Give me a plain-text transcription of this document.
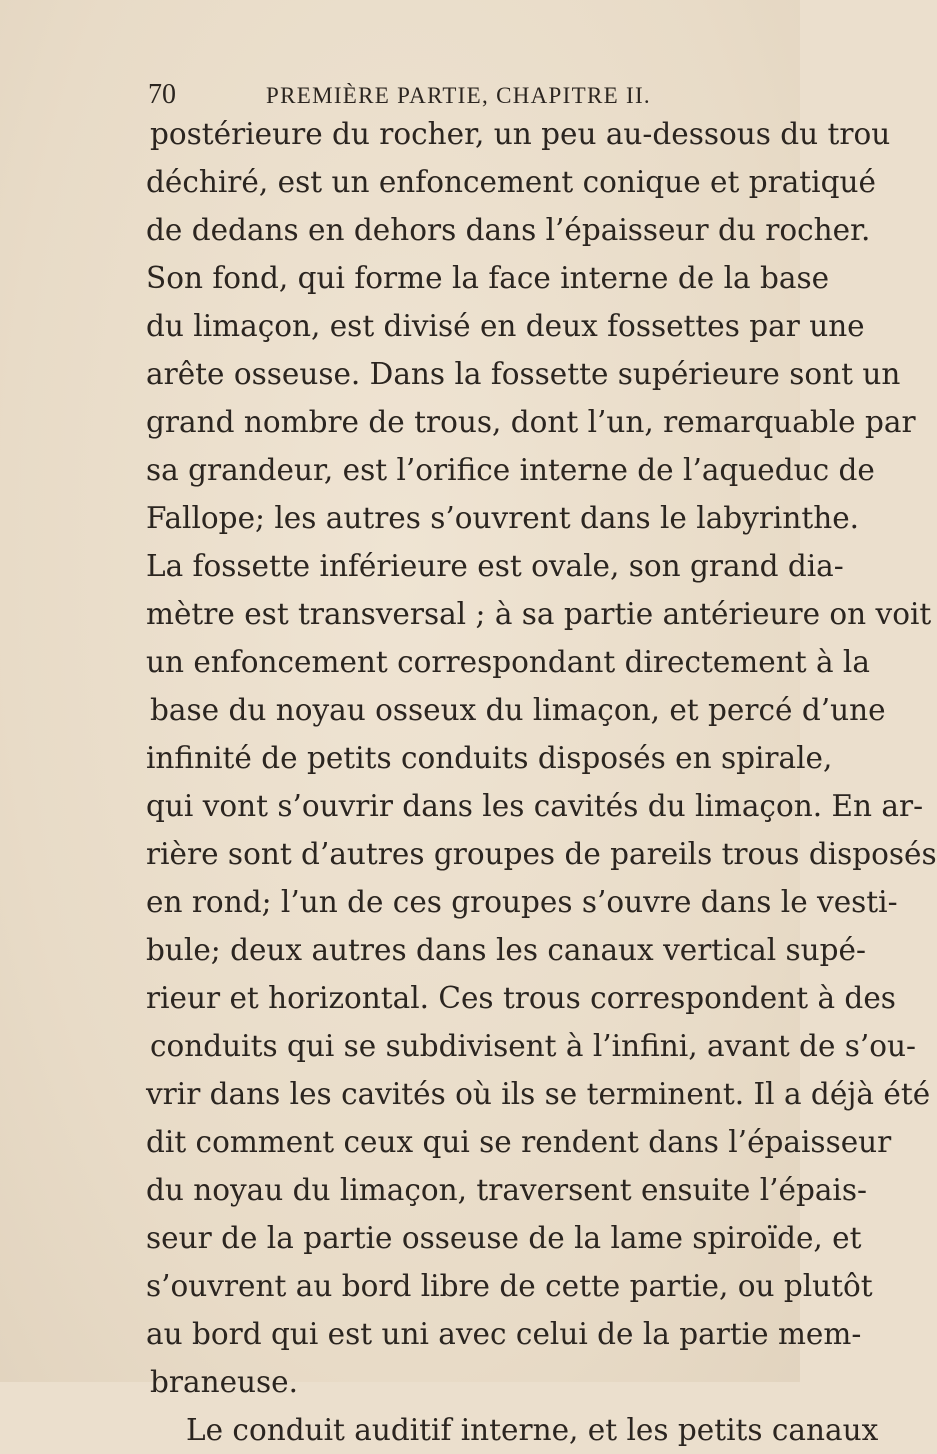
70	PREMIÈRE PARTIE, CHAPITRE II.
postérieure du rocher, un peu au-dessous du trou
déchiré, est un enfoncement conique et pratiqué
de dedans en dehors dans l’épaisseur du rocher.
Son fond, qui forme la face interne de la base
du limaçon, est divisé en deux fossettes par une
arête osseuse. Dans la fossette supérieure sont un
grand nombre de trous, dont l’un, remarquable par
sa grandeur, est l’orifice interne de l’aqueduc de
Fallope; les autres s’ouvrent dans le labyrinthe.
La fossette inférieure est ovale, son grand dia-
mètre est transversal ; à sa partie antérieure on voit
un enfoncement correspondant directement à la
base du noyau osseux du limaçon, et percé d’une
infinité de petits conduits disposés en spirale,
qui vont s’ouvrir dans les cavités du limaçon. En ar-
rière sont d’autres groupes de pareils trous disposés
en rond; l’un de ces groupes s’ouvre dans le vesti-
bule; deux autres dans les canaux vertical supé-
rieur et horizontal. Ces trous correspondent à des
conduits qui se subdivisent à l’infini, avant de s’ou-
vrir dans les cavités où ils se terminent. Il a déjà été
dit comment ceux qui se rendent dans l’épaisseur
du noyau du limaçon, traversent ensuite l’épais-
seur de la partie osseuse de la lame spiroïde, et
s’ouvrent au bord libre de cette partie, ou plutôt
au bord qui est uni avec celui de la partie mem-
braneuse.
Le conduit auditif interne, et les petits canaux
